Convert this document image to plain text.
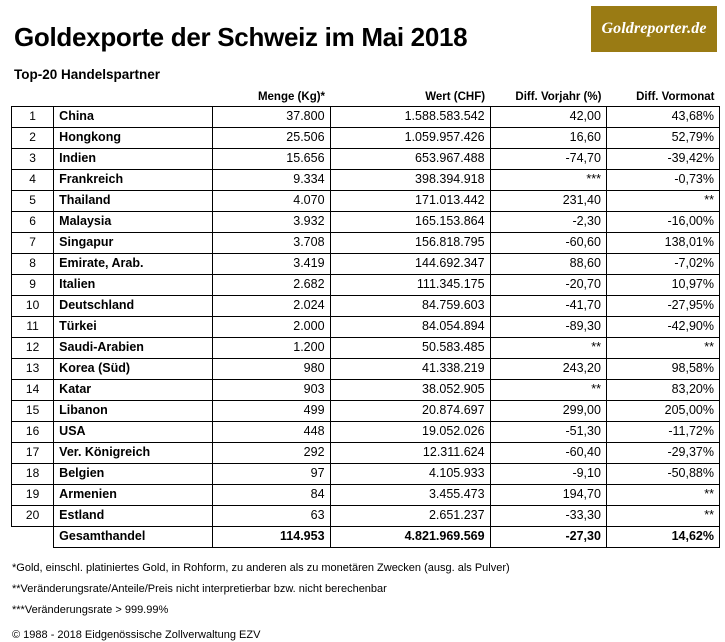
Goldreporter.de
Goldexporte der Schweiz im Mai 2018
Top-20 Handelspartner
		Menge (Kg)*	Wert (CHF)	Diff. Vorjahr (%)	Diff. Vormonat
1	China	37.800	1.588.583.542	42,00	43,68%
2	Hongkong	25.506	1.059.957.426	16,60	52,79%
3	Indien	15.656	653.967.488	-74,70	-39,42%
4	Frankreich	9.334	398.394.918	***	-0,73%
5	Thailand	4.070	171.013.442	231,40	**
6	Malaysia	3.932	165.153.864	-2,30	-16,00%
7	Singapur	3.708	156.818.795	-60,60	138,01%
8	Emirate, Arab.	3.419	144.692.347	88,60	-7,02%
9	Italien	2.682	111.345.175	-20,70	10,97%
10	Deutschland	2.024	84.759.603	-41,70	-27,95%
11	Türkei	2.000	84.054.894	-89,30	-42,90%
12	Saudi-Arabien	1.200	50.583.485	**	**
13	Korea (Süd)	980	41.338.219	243,20	98,58%
14	Katar	903	38.052.905	**	83,20%
15	Libanon	499	20.874.697	299,00	205,00%
16	USA	448	19.052.026	-51,30	-11,72%
17	Ver. Königreich	292	12.311.624	-60,40	-29,37%
18	Belgien	97	4.105.933	-9,10	-50,88%
19	Armenien	84	3.455.473	194,70	**
20	Estland	63	2.651.237	-33,30	**
	Gesamthandel	114.953	4.821.969.569	-27,30	14,62%
*Gold, einschl. platiniertes Gold, in Rohform, zu anderen als zu monetären Zwecken (ausg. als Pulver)
**Veränderungsrate/Anteile/Preis nicht interpretierbar bzw. nicht berechenbar
***Veränderungsrate > 999.99%
© 1988 - 2018 Eidgenössische Zollverwaltung EZV
